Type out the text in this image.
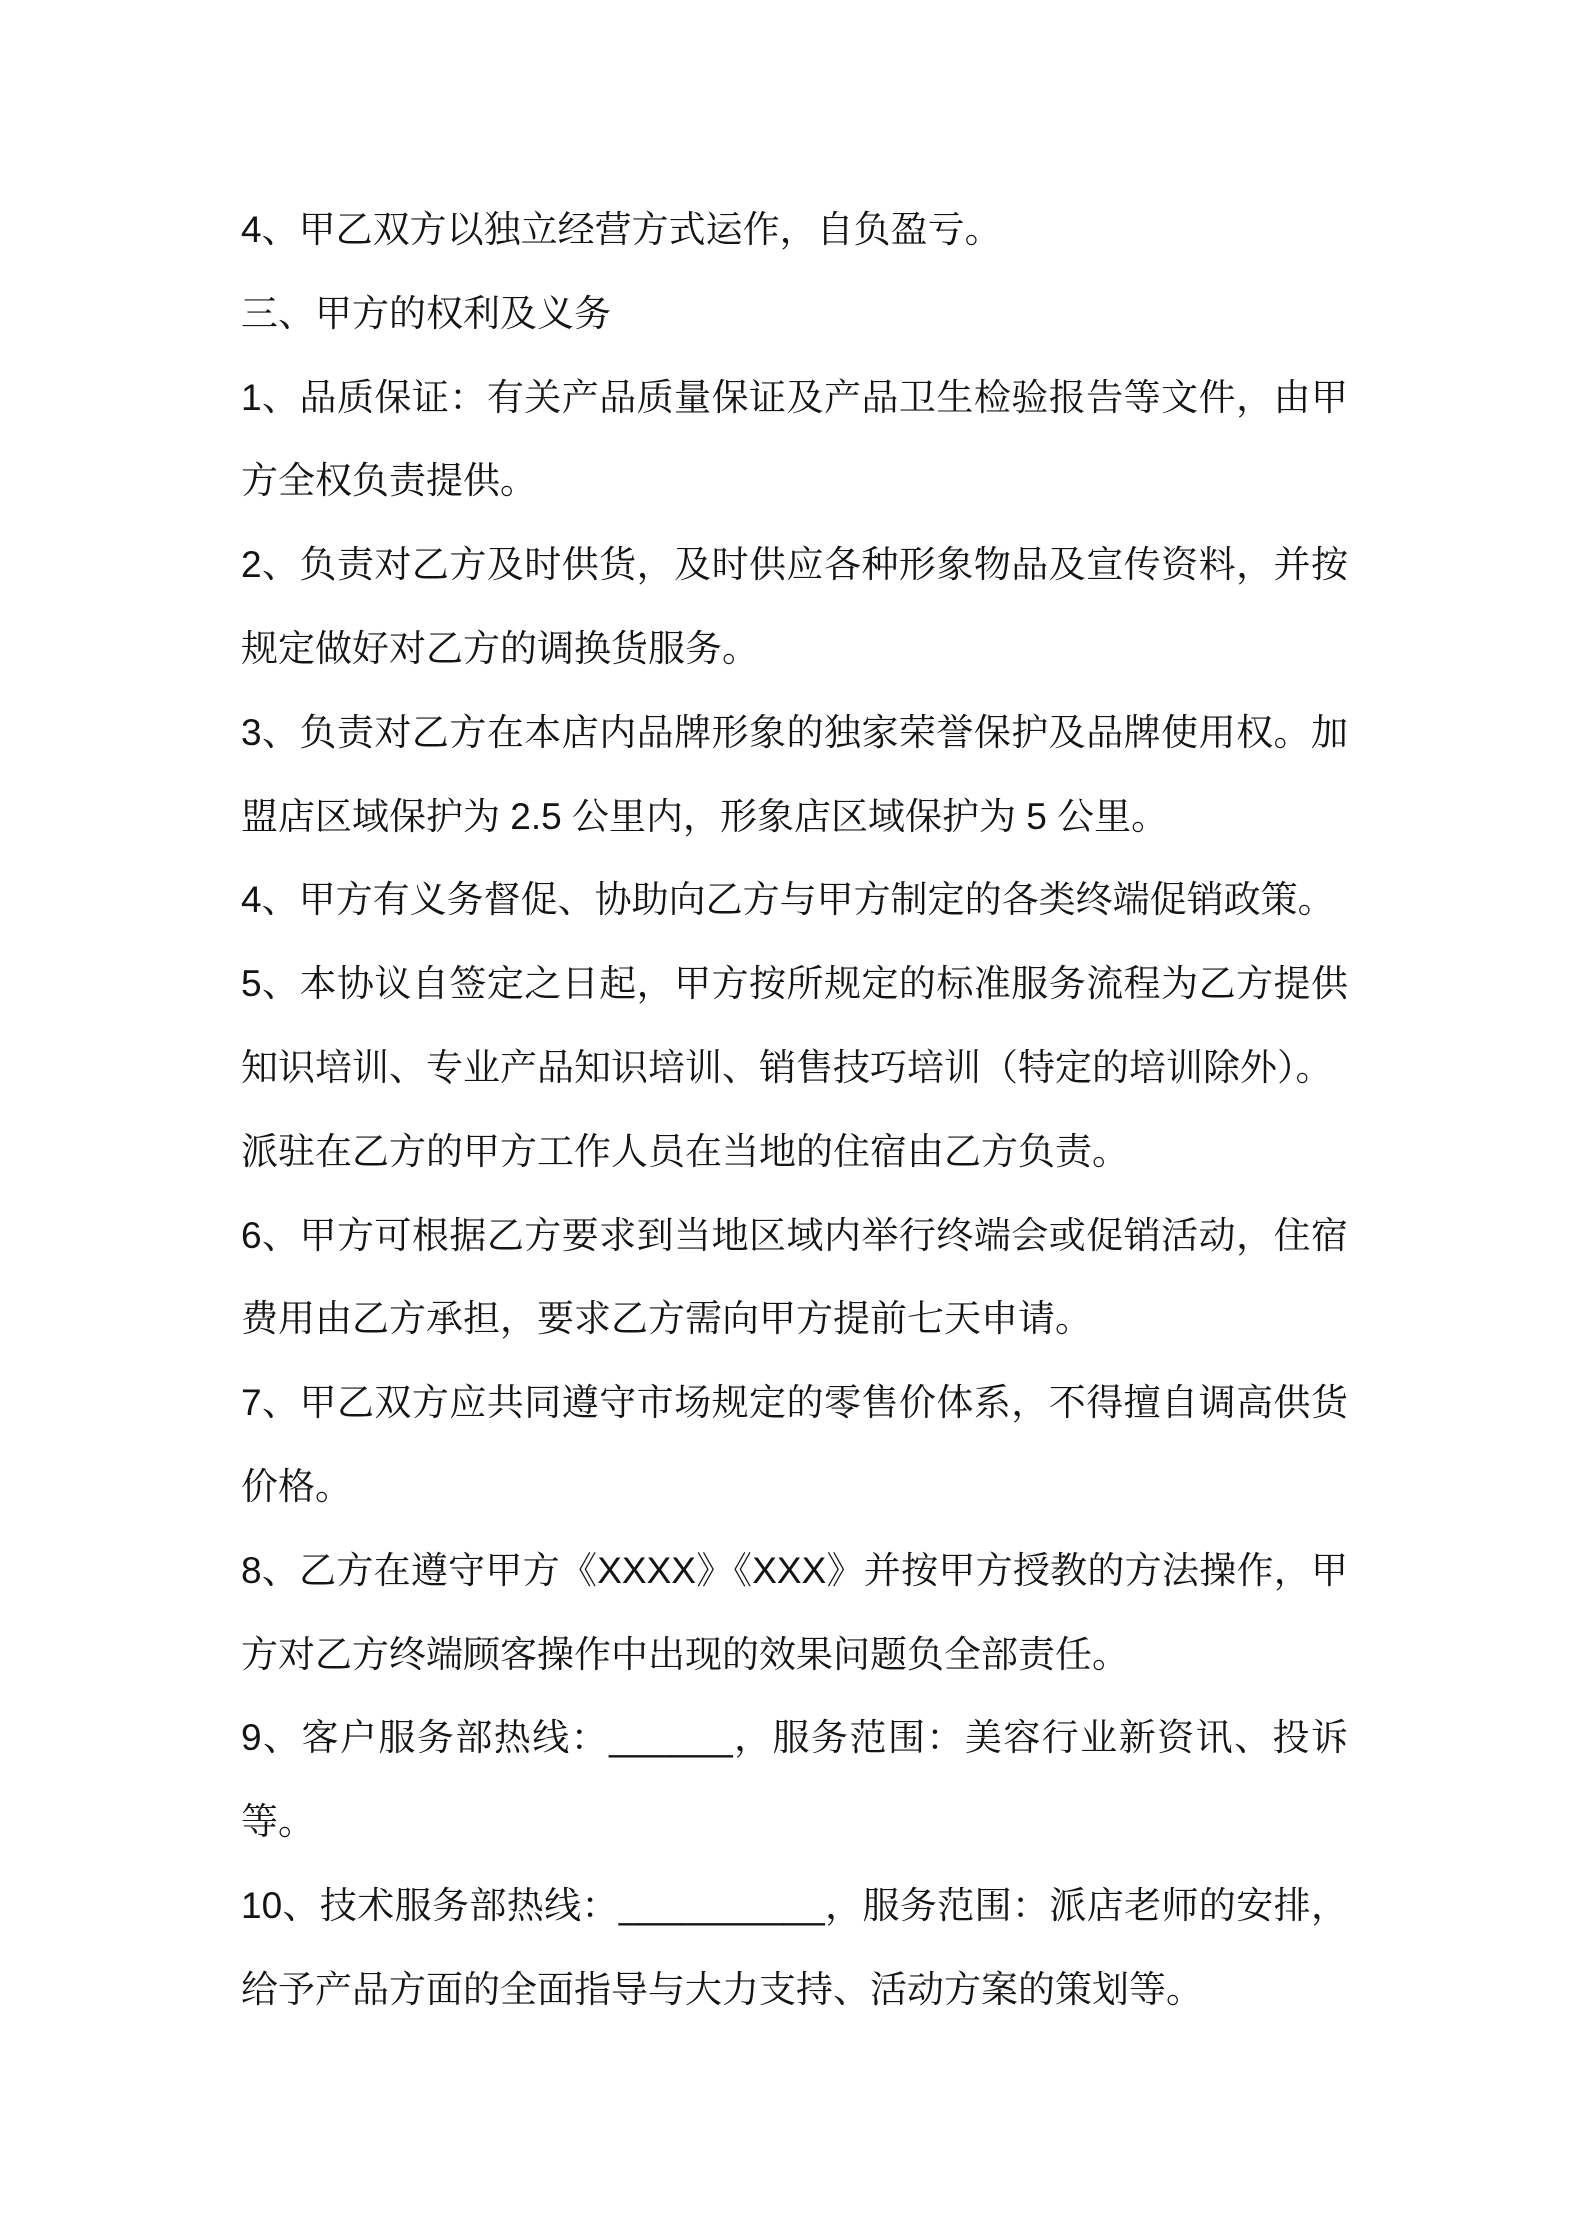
4、甲乙双方以独立经营方式运作，自负盈亏。
三、甲方的权利及义务
1、品质保证：有关产品质量保证及产品卫生检验报告等文件，由甲
方全权负责提供。
2、负责对乙方及时供货，及时供应各种形象物品及宣传资料，并按
规定做好对乙方的调换货服务。
3、负责对乙方在本店内品牌形象的独家荣誉保护及品牌使用权。加
盟店区域保护为 2.5 公里内，形象店区域保护为 5 公里。
4、甲方有义务督促、协助向乙方与甲方制定的各类终端促销政策。
5、本协议自签定之日起，甲方按所规定的标准服务流程为乙方提供
知识培训、专业产品知识培训、销售技巧培训（特定的培训除外）。
派驻在乙方的甲方工作人员在当地的住宿由乙方负责。
6、甲方可根据乙方要求到当地区域内举行终端会或促销活动，住宿
费用由乙方承担，要求乙方需向甲方提前七天申请。
7、甲乙双方应共同遵守市场规定的零售价体系，不得擅自调高供货
价格。
8、乙方在遵守甲方《XXXX》《XXX》并按甲方授教的方法操作，甲
方对乙方终端顾客操作中出现的效果问题负全部责任。
9、客户服务部热线：______，服务范围：美容行业新资讯、投诉
等。
10、技术服务部热线：__________，服务范围：派店老师的安排，
给予产品方面的全面指导与大力支持、活动方案的策划等。
